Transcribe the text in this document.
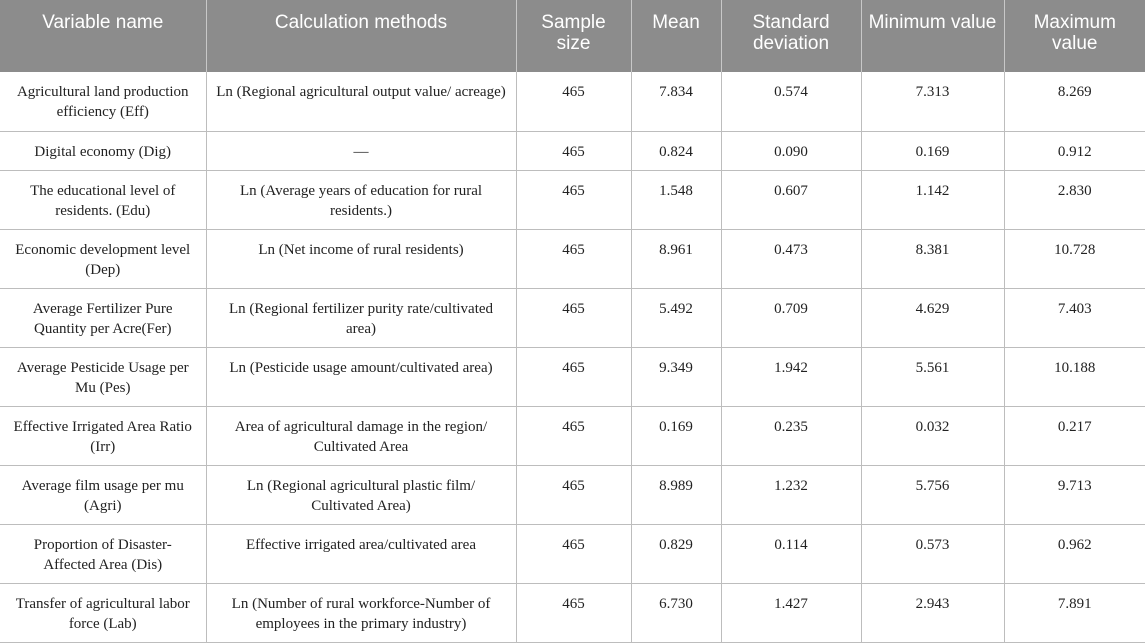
Variable name	Calculation methods	Sample size	Mean	Standard deviation	Minimum value	Maximum value
Agricultural land production efficiency (Eff)	Ln (Regional agricultural output value/ acreage)	465	7.834	0.574	7.313	8.269
Digital economy (Dig)	—	465	0.824	0.090	0.169	0.912
The educational level of residents. (Edu)	Ln (Average years of education for rural residents.)	465	1.548	0.607	1.142	2.830
Economic development level (Dep)	Ln (Net income of rural residents)	465	8.961	0.473	8.381	10.728
Average Fertilizer Pure Quantity per Acre(Fer)	Ln (Regional fertilizer purity rate/cultivated area)	465	5.492	0.709	4.629	7.403
Average Pesticide Usage per Mu (Pes)	Ln (Pesticide usage amount/cultivated area)	465	9.349	1.942	5.561	10.188
Effective Irrigated Area Ratio (Irr)	Area of agricultural damage in the region/ Cultivated Area	465	0.169	0.235	0.032	0.217
Average film usage per mu (Agri)	Ln (Regional agricultural plastic film/ Cultivated Area)	465	8.989	1.232	5.756	9.713
Proportion of Disaster-Affected Area (Dis)	Effective irrigated area/cultivated area	465	0.829	0.114	0.573	0.962
Transfer of agricultural labor force (Lab)	Ln (Number of rural workforce-Number of employees in the primary industry)	465	6.730	1.427	2.943	7.891
